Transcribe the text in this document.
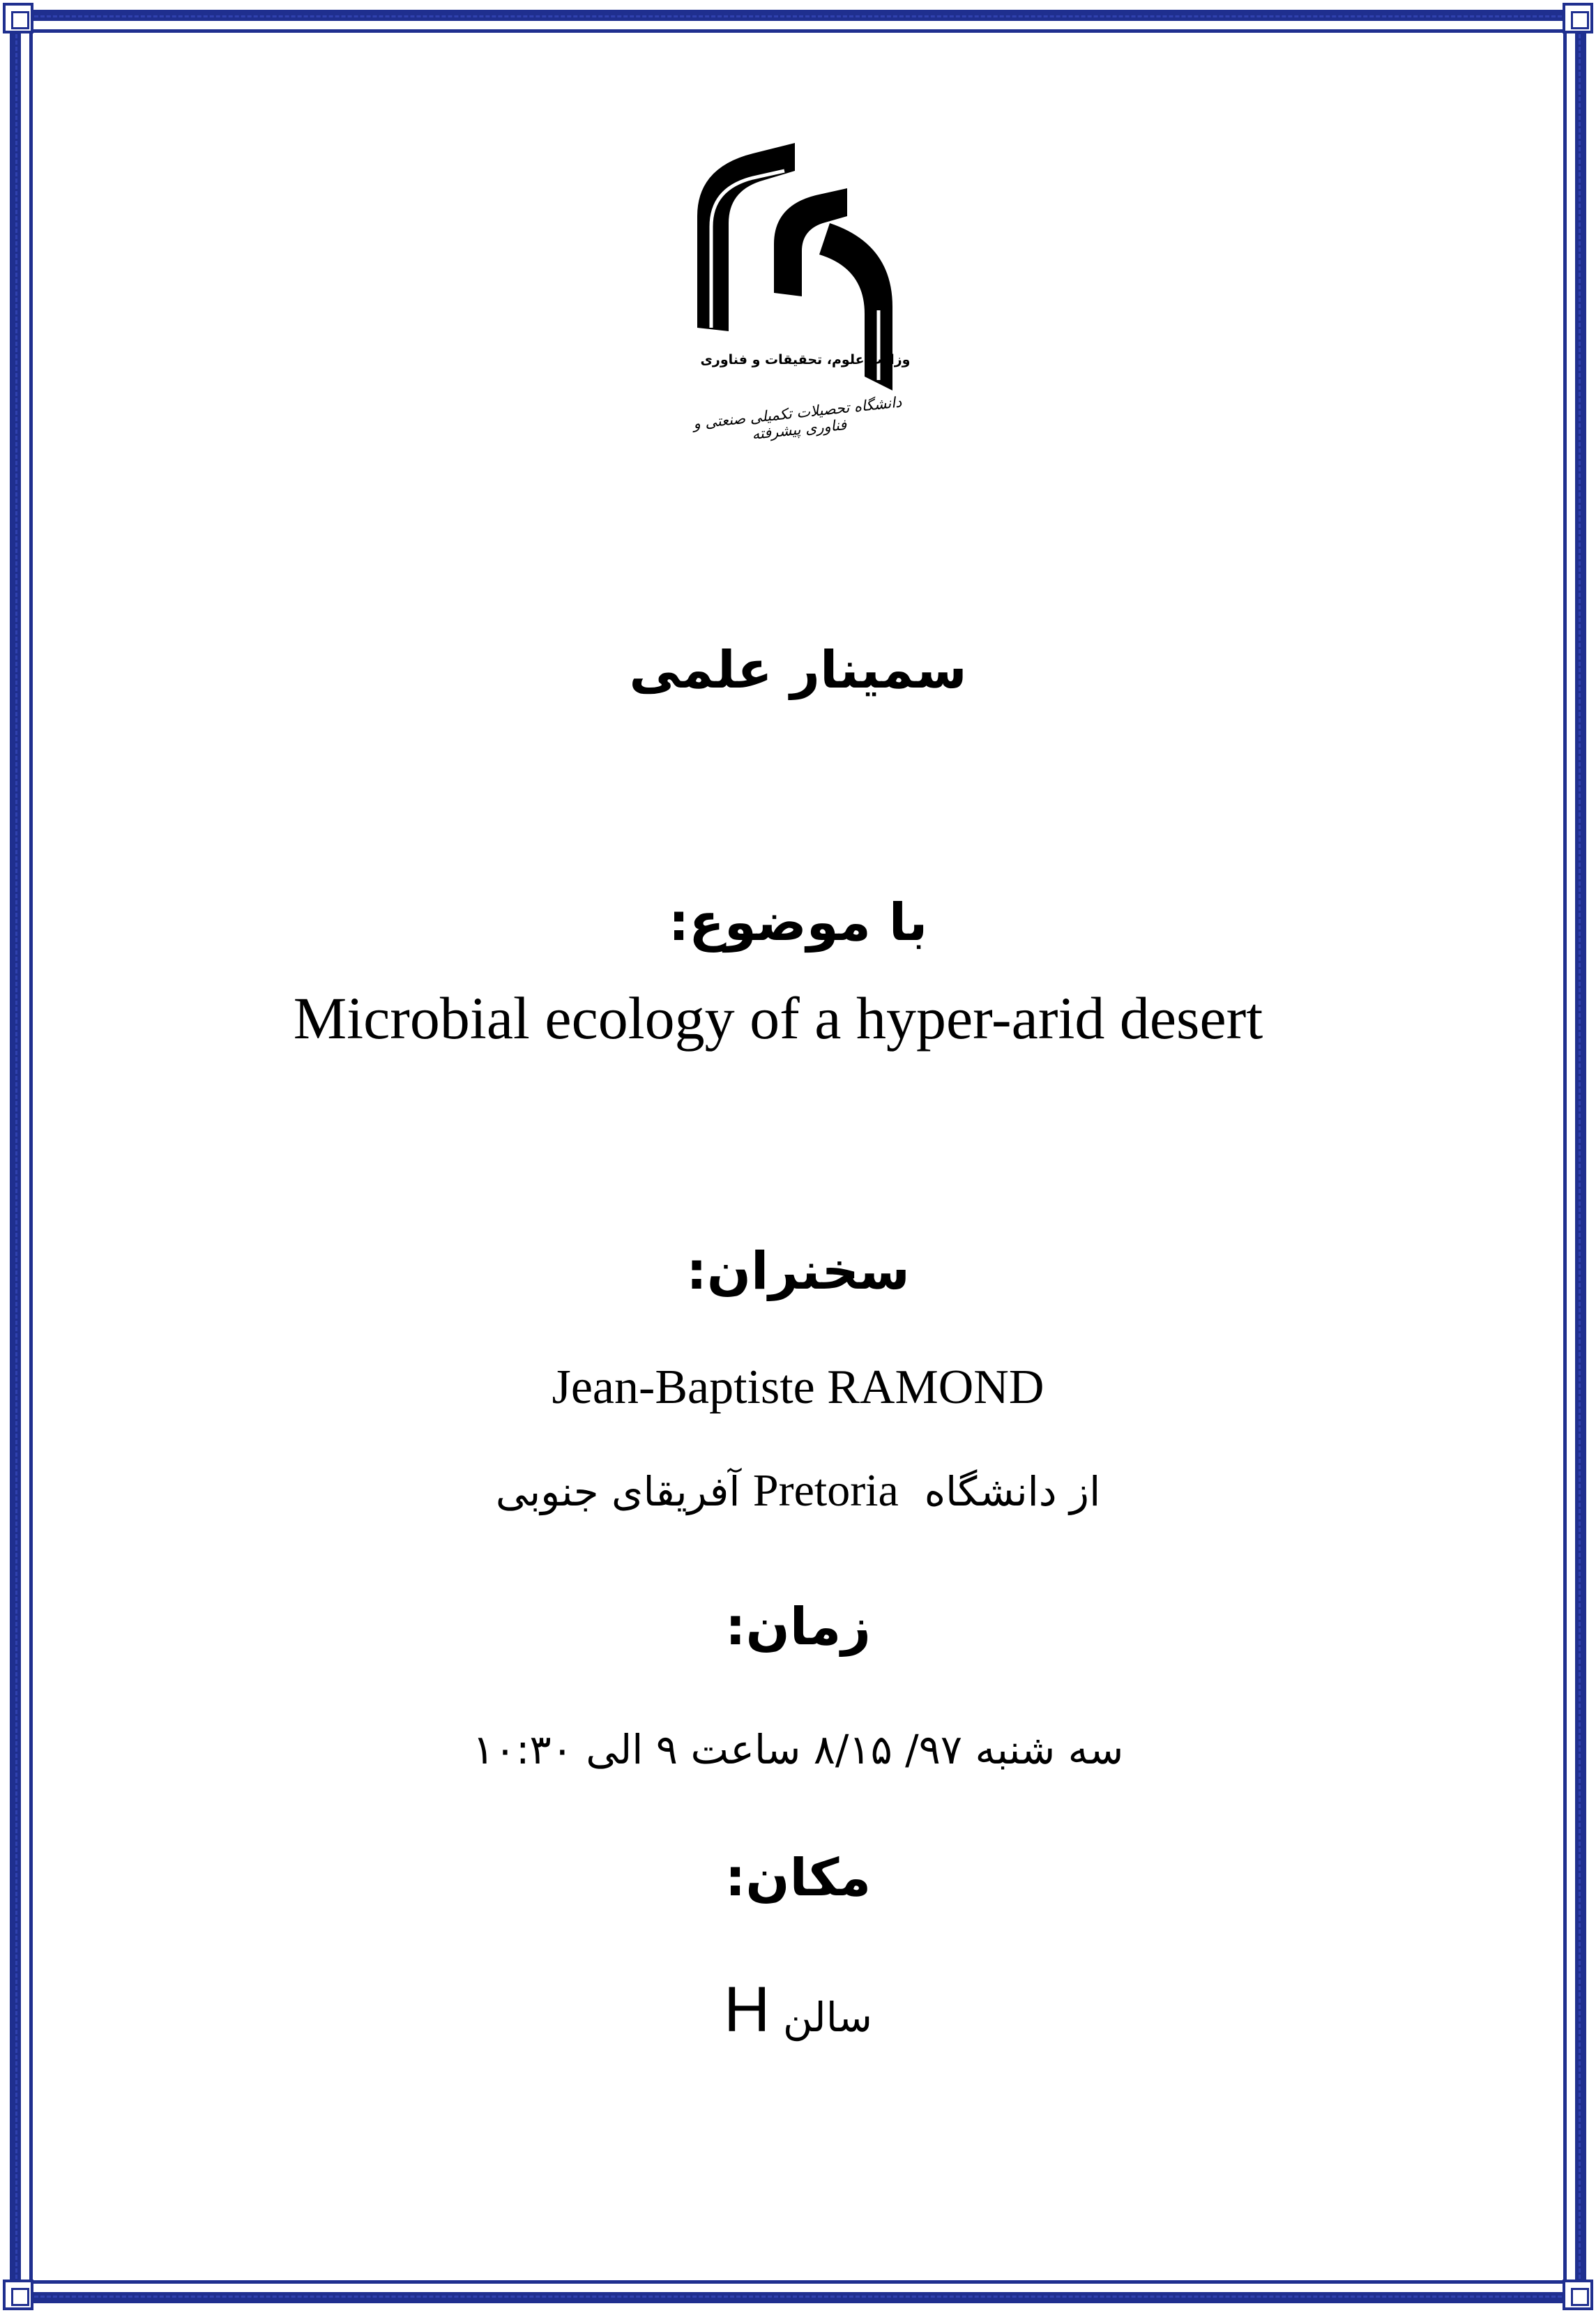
وزارت علوم، تحقیقات و فناوری
دانشگاه تحصیلات تکمیلی صنعتی و فناوری پیشرفته
سمینار علمی
با موضوع:
Microbial ecology of a hyper-arid desert
سخنران:
Jean-Baptiste RAMOND
از دانشگاه  Pretoria آفریقای جنوبی
زمان:
سه شنبه ۹۷/ ۸/۱۵ ساعت ۹ الی ۱۰:۳۰
مکان:
سالن H
